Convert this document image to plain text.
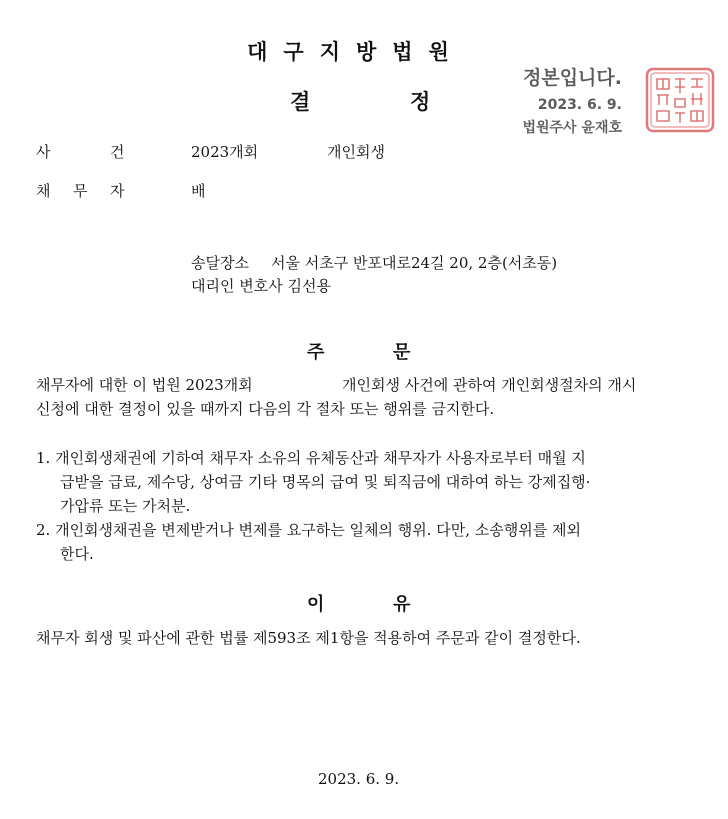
대구지방법원
결	정
정본입니다.
2023. 6. 9.
법원주사 윤재호
사	건	2023개회	개인회생
채 무 자	배
송달장소 서울 서초구 반포대로24길 20, 2층(서초동)
대리인 변호사 김선용
주	문
채무자에 대한 이 법원 2023개회	개인회생 사건에 관하여 개인회생절차의 개시
신청에 대한 결정이 있을 때까지 다음의 각 절차 또는 행위를 금지한다.
1. 개인회생채권에 기하여 채무자 소유의 유체동산과 채무자가 사용자로부터 매월 지
급받을 급료, 제수당, 상여금 기타 명목의 급여 및 퇴직금에 대하여 하는 강제집행·
가압류 또는 가처분.
2. 개인회생채권을 변제받거나 변제를 요구하는 일체의 행위. 다만, 소송행위를 제외
한다.
이	유
채무자 회생 및 파산에 관한 법률 제593조 제1항을 적용하여 주문과 같이 결정한다.
2023. 6. 9.
